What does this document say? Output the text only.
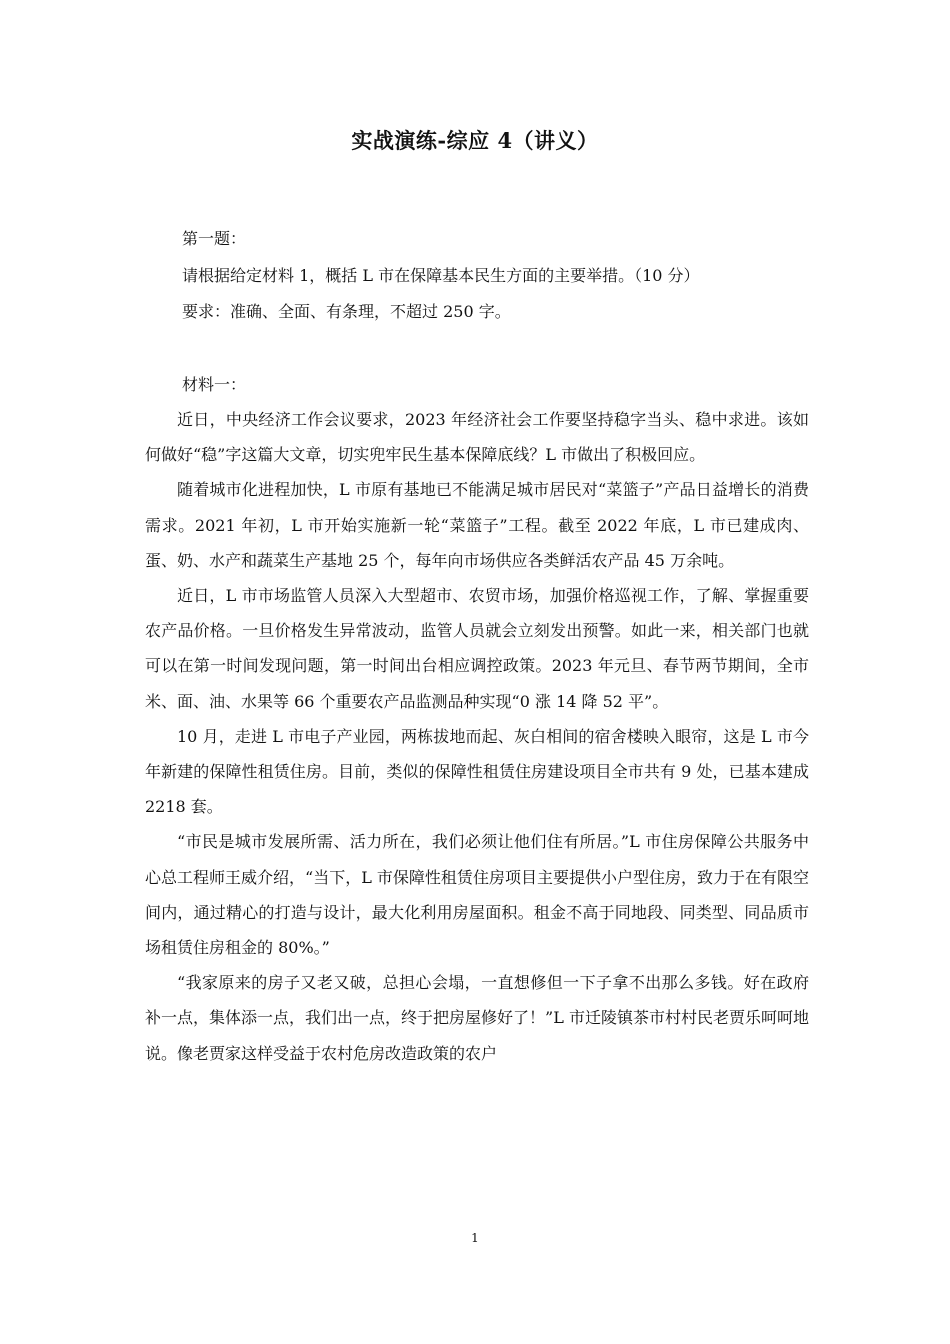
实战演练-综应 4（讲义）

第一题：

请根据给定材料 1，概括 L 市在保障基本民生方面的主要举措。（10 分）

要求：准确、全面、有条理，不超过 250 字。

材料一：

近日，中央经济工作会议要求，2023 年经济社会工作要坚持稳字当头、稳中求进。该如何做好“稳”字这篇大文章，切实兜牢民生基本保障底线？L 市做出了积极回应。

随着城市化进程加快，L 市原有基地已不能满足城市居民对“菜篮子”产品日益增长的消费需求。2021 年初，L 市开始实施新一轮“菜篮子”工程。截至 2022 年底，L 市已建成肉、蛋、奶、水产和蔬菜生产基地 25 个，每年向市场供应各类鲜活农产品 45 万余吨。

近日，L 市市场监管人员深入大型超市、农贸市场，加强价格巡视工作，了解、掌握重要农产品价格。一旦价格发生异常波动，监管人员就会立刻发出预警。如此一来，相关部门也就可以在第一时间发现问题，第一时间出台相应调控政策。2023 年元旦、春节两节期间，全市米、面、油、水果等 66 个重要农产品监测品种实现“0 涨 14 降 52 平”。

10 月，走进 L 市电子产业园，两栋拔地而起、灰白相间的宿舍楼映入眼帘，这是 L 市今年新建的保障性租赁住房。目前，类似的保障性租赁住房建设项目全市共有 9 处，已基本建成 2218 套。

“市民是城市发展所需、活力所在，我们必须让他们住有所居。”L 市住房保障公共服务中心总工程师王威介绍，“当下，L 市保障性租赁住房项目主要提供小户型住房，致力于在有限空间内，通过精心的打造与设计，最大化利用房屋面积。租金不高于同地段、同类型、同品质市场租赁住房租金的 80%。”

“我家原来的房子又老又破，总担心会塌，一直想修但一下子拿不出那么多钱。好在政府补一点，集体添一点，我们出一点，终于把房屋修好了！”L 市迁陵镇茶市村村民老贾乐呵呵地说。像老贾家这样受益于农村危房改造政策的农户

1
